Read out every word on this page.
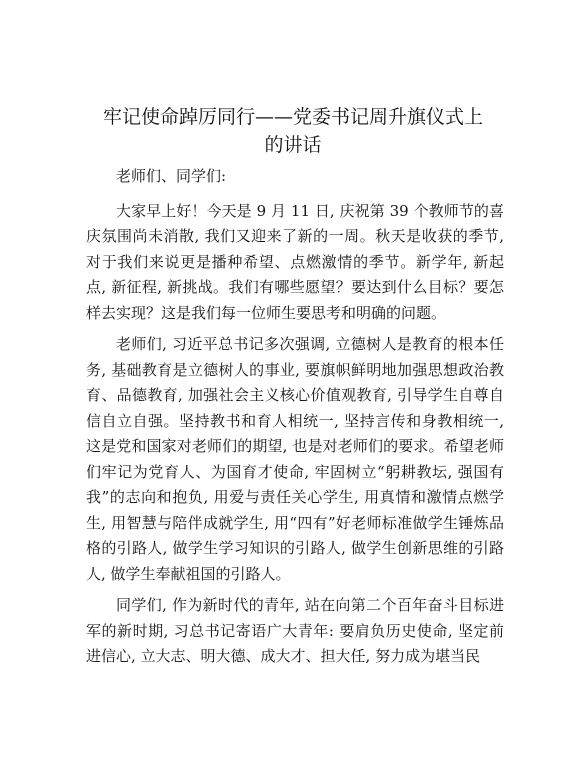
牢记使命踔厉同行——党委书记周升旗仪式上
的讲话

老师们、同学们:

大家早上好！今天是 9 月 11 日, 庆祝第 39 个教师节的喜庆氛围尚未消散, 我们又迎来了新的一周。秋天是收获的季节, 对于我们来说更是播种希望、点燃激情的季节。新学年, 新起点, 新征程, 新挑战。我们有哪些愿望？要达到什么目标？要怎样去实现？这是我们每一位师生要思考和明确的问题。

老师们, 习近平总书记多次强调, 立德树人是教育的根本任务, 基础教育是立德树人的事业, 要旗帜鲜明地加强思想政治教育、品德教育, 加强社会主义核心价值观教育, 引导学生自尊自信自立自强。坚持教书和育人相统一, 坚持言传和身教相统一, 这是党和国家对老师们的期望, 也是对老师们的要求。希望老师们牢记为党育人、为国育才使命, 牢固树立“躬耕教坛, 强国有我”的志向和抱负, 用爱与责任关心学生, 用真情和激情点燃学生, 用智慧与陪伴成就学生, 用“四有”好老师标准做学生锤炼品格的引路人, 做学生学习知识的引路人, 做学生创新思维的引路人, 做学生奉献祖国的引路人。

同学们, 作为新时代的青年, 站在向第二个百年奋斗目标进军的新时期, 习总书记寄语广大青年: 要肩负历史使命, 坚定前进信心, 立大志、明大德、成大才、担大任, 努力成为堪当民
